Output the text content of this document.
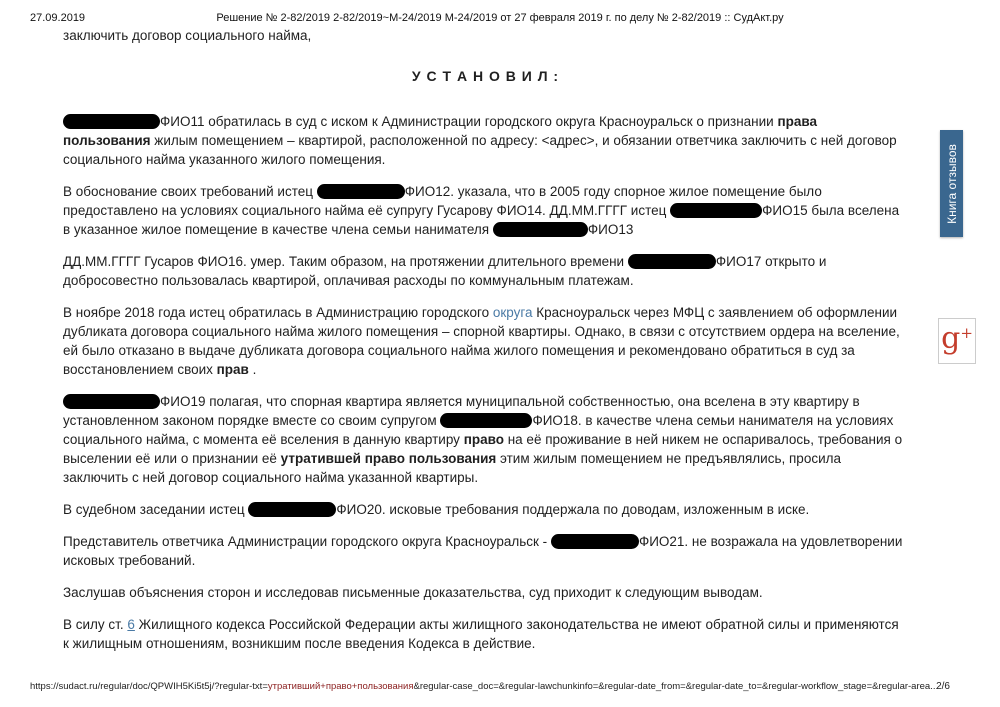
27.09.2019	Решение № 2-82/2019 2-82/2019~М-24/2019 М-24/2019 от 27 февраля 2019 г. по делу № 2-82/2019 :: СудАкт.ру

заключить договор социального найма,

У С Т А Н О В И Л :

ФИО11 обратилась в суд с иском к Администрации городского округа Красноуральск о признании права пользования жилым помещением – квартирой, расположенной по адресу: <адрес>, и обязании ответчика заключить с ней договор социального найма указанного жилого помещения.

В обоснование своих требований истец	ФИО12. указала, что в 2005 году спорное жилое помещение было предоставлено на условиях социального найма её супругу Гусарову ФИО14. ДД.ММ.ГГГГ истец	ФИО15 была вселена в указанное жилое помещение в качестве члена семьи нанимателя	ФИО13

ДД.ММ.ГГГГ Гусаров ФИО16. умер. Таким образом, на протяжении длительного времени	ФИО17 открыто и добросовестно пользовалась квартирой, оплачивая расходы по коммунальным платежам.

В ноябре 2018 года истец обратилась в Администрацию городского округа Красноуральск через МФЦ с заявлением об оформлении дубликата договора социального найма жилого помещения – спорной квартиры. Однако, в связи с отсутствием ордера на вселение, ей было отказано в выдаче дубликата договора социального найма жилого помещения и рекомендовано обратиться в суд за восстановлением своих прав .

ФИО19 полагая, что спорная квартира является муниципальной собственностью, она вселена в эту квартиру в установленном законом порядке вместе со своим супругом	ФИО18. в качестве члена семьи нанимателя на условиях социального найма, с момента её вселения в данную квартиру право на её проживание в ней никем не оспаривалось, требования о выселении её или о признании её утратившей право пользования этим жилым помещением не предъявлялись, просила заключить с ней договор социального найма указанной квартиры.

В судебном заседании истец	ФИО20. исковые требования поддержала по доводам, изложенным в иске.

Представитель ответчика Администрации городского округа Красноуральск -	ФИО21. не возражала на удовлетворении исковых требований.

Заслушав объяснения сторон и исследовав письменные доказательства, суд приходит к следующим выводам.

В силу ст. 6 Жилищного кодекса Российской Федерации акты жилищного законодательства не имеют обратной силы и применяются к жилищным отношениям, возникшим после введения Кодекса в действие.

Книга отзывов
g+
https://sudact.ru/regular/doc/QPWIH5Ki5t5j/?regular-txt=утративший+право+пользования&regular-case_doc=&regular-lawchunkinfo=&regular-date_from=&regular-date_to=&regular-workflow_stage=&regular-area...
2/6
